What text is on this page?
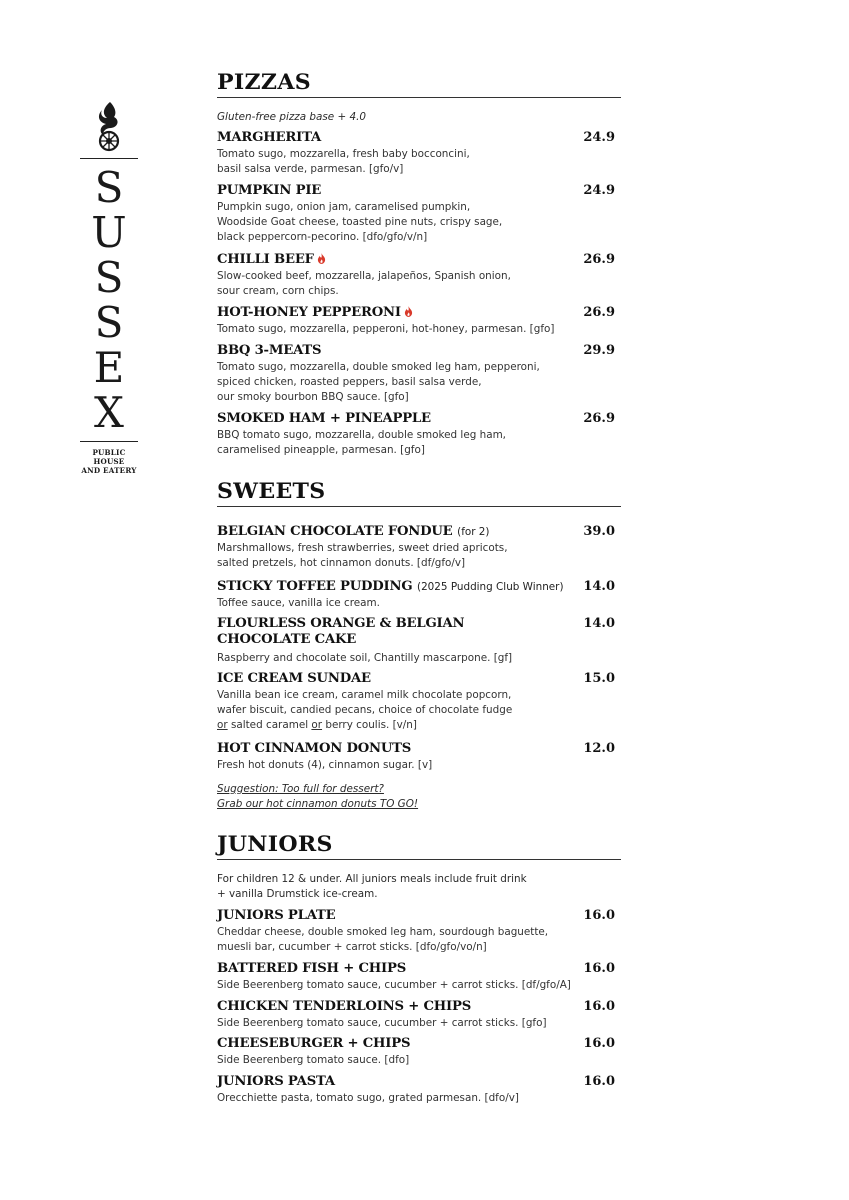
S
U
S
S
E
X
PUBLIC HOUSE
AND EATERY
PIZZAS
Gluten-free pizza base + 4.0
MARGHERITA	24.9
Tomato sugo, mozzarella, fresh baby bocconcini,
basil salsa verde, parmesan. [gfo/v]
PUMPKIN PIE	24.9
Pumpkin sugo, onion jam, caramelised pumpkin,
Woodside Goat cheese, toasted pine nuts, crispy sage,
black peppercorn-pecorino. [dfo/gfo/v/n]
CHILLI BEEF	26.9
Slow-cooked beef, mozzarella, jalapeños, Spanish onion,
sour cream, corn chips.
HOT-HONEY PEPPERONI	26.9
Tomato sugo, mozzarella, pepperoni, hot-honey, parmesan. [gfo]
BBQ 3-MEATS	29.9
Tomato sugo, mozzarella, double smoked leg ham, pepperoni,
spiced chicken, roasted peppers, basil salsa verde,
our smoky bourbon BBQ sauce. [gfo]
SMOKED HAM + PINEAPPLE	26.9
BBQ tomato sugo, mozzarella, double smoked leg ham,
caramelised pineapple, parmesan. [gfo]
SWEETS
BELGIAN CHOCOLATE FONDUE (for 2)	39.0
Marshmallows, fresh strawberries, sweet dried apricots,
salted pretzels, hot cinnamon donuts. [df/gfo/v]
STICKY TOFFEE PUDDING (2025 Pudding Club Winner) 14.0
Toffee sauce, vanilla ice cream.
FLOURLESS ORANGE & BELGIAN
CHOCOLATE CAKE
14.0
Raspberry and chocolate soil, Chantilly mascarpone. [gf]
ICE CREAM SUNDAE	15.0
Vanilla bean ice cream, caramel milk chocolate popcorn,
wafer biscuit, candied pecans, choice of chocolate fudge
or salted caramel or berry coulis. [v/n]
HOT CINNAMON DONUTS	12.0
Fresh hot donuts (4), cinnamon sugar. [v]
Suggestion: Too full for dessert?
Grab our hot cinnamon donuts TO GO!
JUNIORS
For children 12 & under. All juniors meals include fruit drink
+ vanilla Drumstick ice-cream.
JUNIORS PLATE	16.0
Cheddar cheese, double smoked leg ham, sourdough baguette,
muesli bar, cucumber + carrot sticks. [dfo/gfo/vo/n]
BATTERED FISH + CHIPS	16.0
Side Beerenberg tomato sauce, cucumber + carrot sticks. [df/gfo/A]
CHICKEN TENDERLOINS + CHIPS	16.0
Side Beerenberg tomato sauce, cucumber + carrot sticks. [gfo]
CHEESEBURGER + CHIPS	16.0
Side Beerenberg tomato sauce. [dfo]
JUNIORS PASTA	16.0
Orecchiette pasta, tomato sugo, grated parmesan. [dfo/v]
